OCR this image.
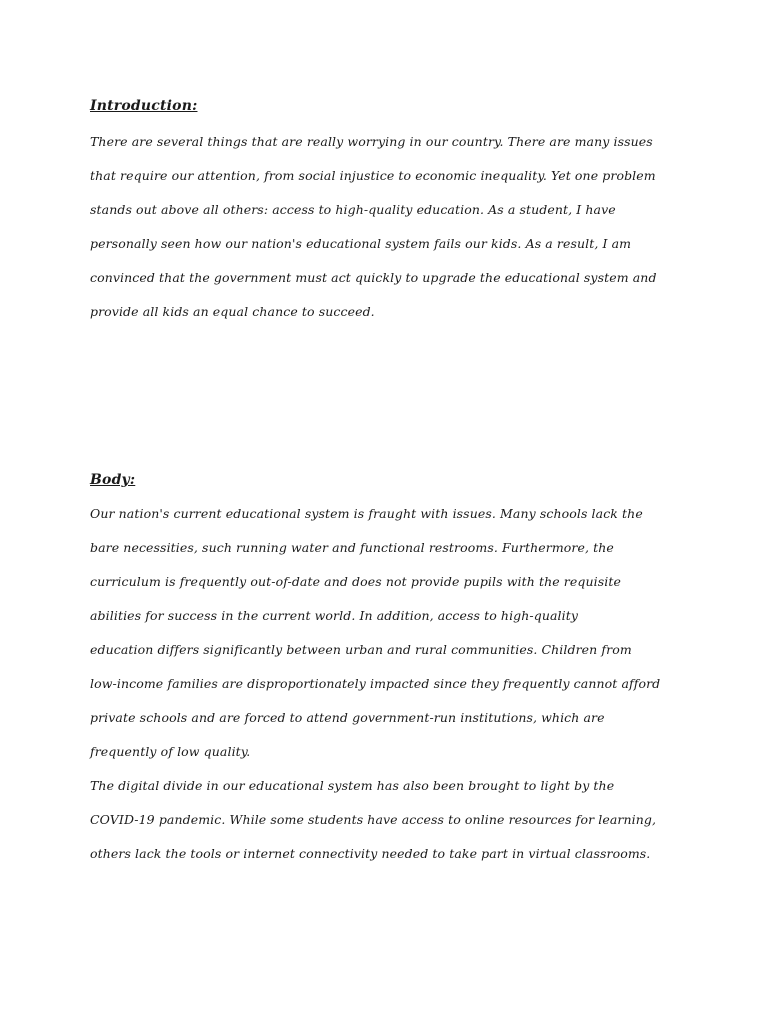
Introduction:

There are several things that are really worrying in our country. There are many issues

that require our attention, from social injustice to economic inequality. Yet one problem

stands out above all others: access to high-quality education. As a student, I have

personally seen how our nation's educational system fails our kids. As a result, I am

convinced that the government must act quickly to upgrade the educational system and

provide all kids an equal chance to succeed.

Body:

Our nation's current educational system is fraught with issues. Many schools lack the

bare necessities, such running water and functional restrooms. Furthermore, the

curriculum is frequently out-of-date and does not provide pupils with the requisite

abilities for success in the current world. In addition, access to high-quality

education differs significantly between urban and rural communities. Children from

low-income families are disproportionately impacted since they frequently cannot afford

private schools and are forced to attend government-run institutions, which are

frequently of low quality.

The digital divide in our educational system has also been brought to light by the

COVID-19 pandemic. While some students have access to online resources for learning,

others lack the tools or internet connectivity needed to take part in virtual classrooms.
